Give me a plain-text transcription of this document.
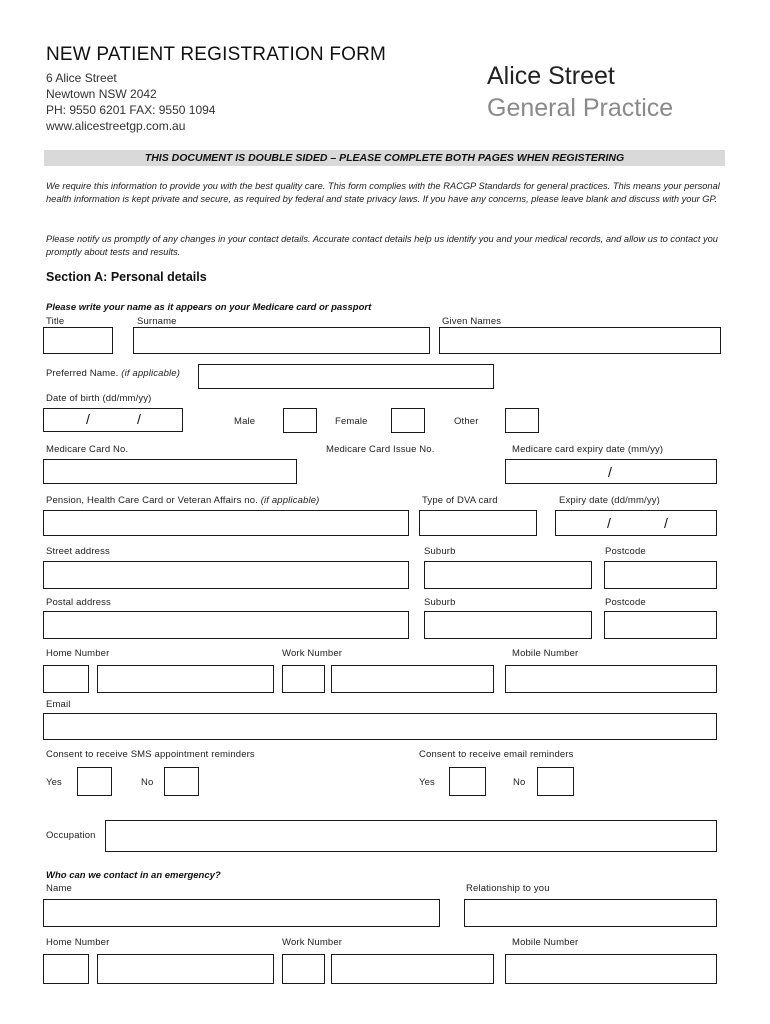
NEW PATIENT REGISTRATION FORM
6 Alice Street
Newtown NSW 2042
PH: 9550 6201 FAX: 9550 1094
www.alicestreetgp.com.au
Alice Street
General Practice
THIS DOCUMENT IS DOUBLE SIDED – PLEASE COMPLETE BOTH PAGES WHEN REGISTERING
We require this information to provide you with the best quality care. This form complies with the RACGP Standards for general practices. This means your personal health information is kept private and secure, as required by federal and state privacy laws. If you have any concerns, please leave blank and discuss with your GP.
Please notify us promptly of any changes in your contact details. Accurate contact details help us identify you and your medical records, and allow us to contact you promptly about tests and results.
Section A: Personal details
Please write your name as it appears on your Medicare card or passport
Title	Surname	Given Names
Preferred Name. (if applicable)
Date of birth (dd/mm/yy)
/	/	Male	Female	Other
Medicare Card No.	Medicare Card Issue No.	Medicare card expiry date (mm/yy)
/
Pension, Health Care Card or Veteran Affairs no. (if applicable)	Type of DVA card	Expiry date (dd/mm/yy)
/	/
Street address	Suburb	Postcode
Postal address	Suburb	Postcode
Home Number	Work Number	Mobile Number
Email
Consent to receive SMS appointment reminders	Consent to receive email reminders
Yes	No	Yes	No
Occupation
Who can we contact in an emergency?
Name	Relationship to you
Home Number	Work Number	Mobile Number
